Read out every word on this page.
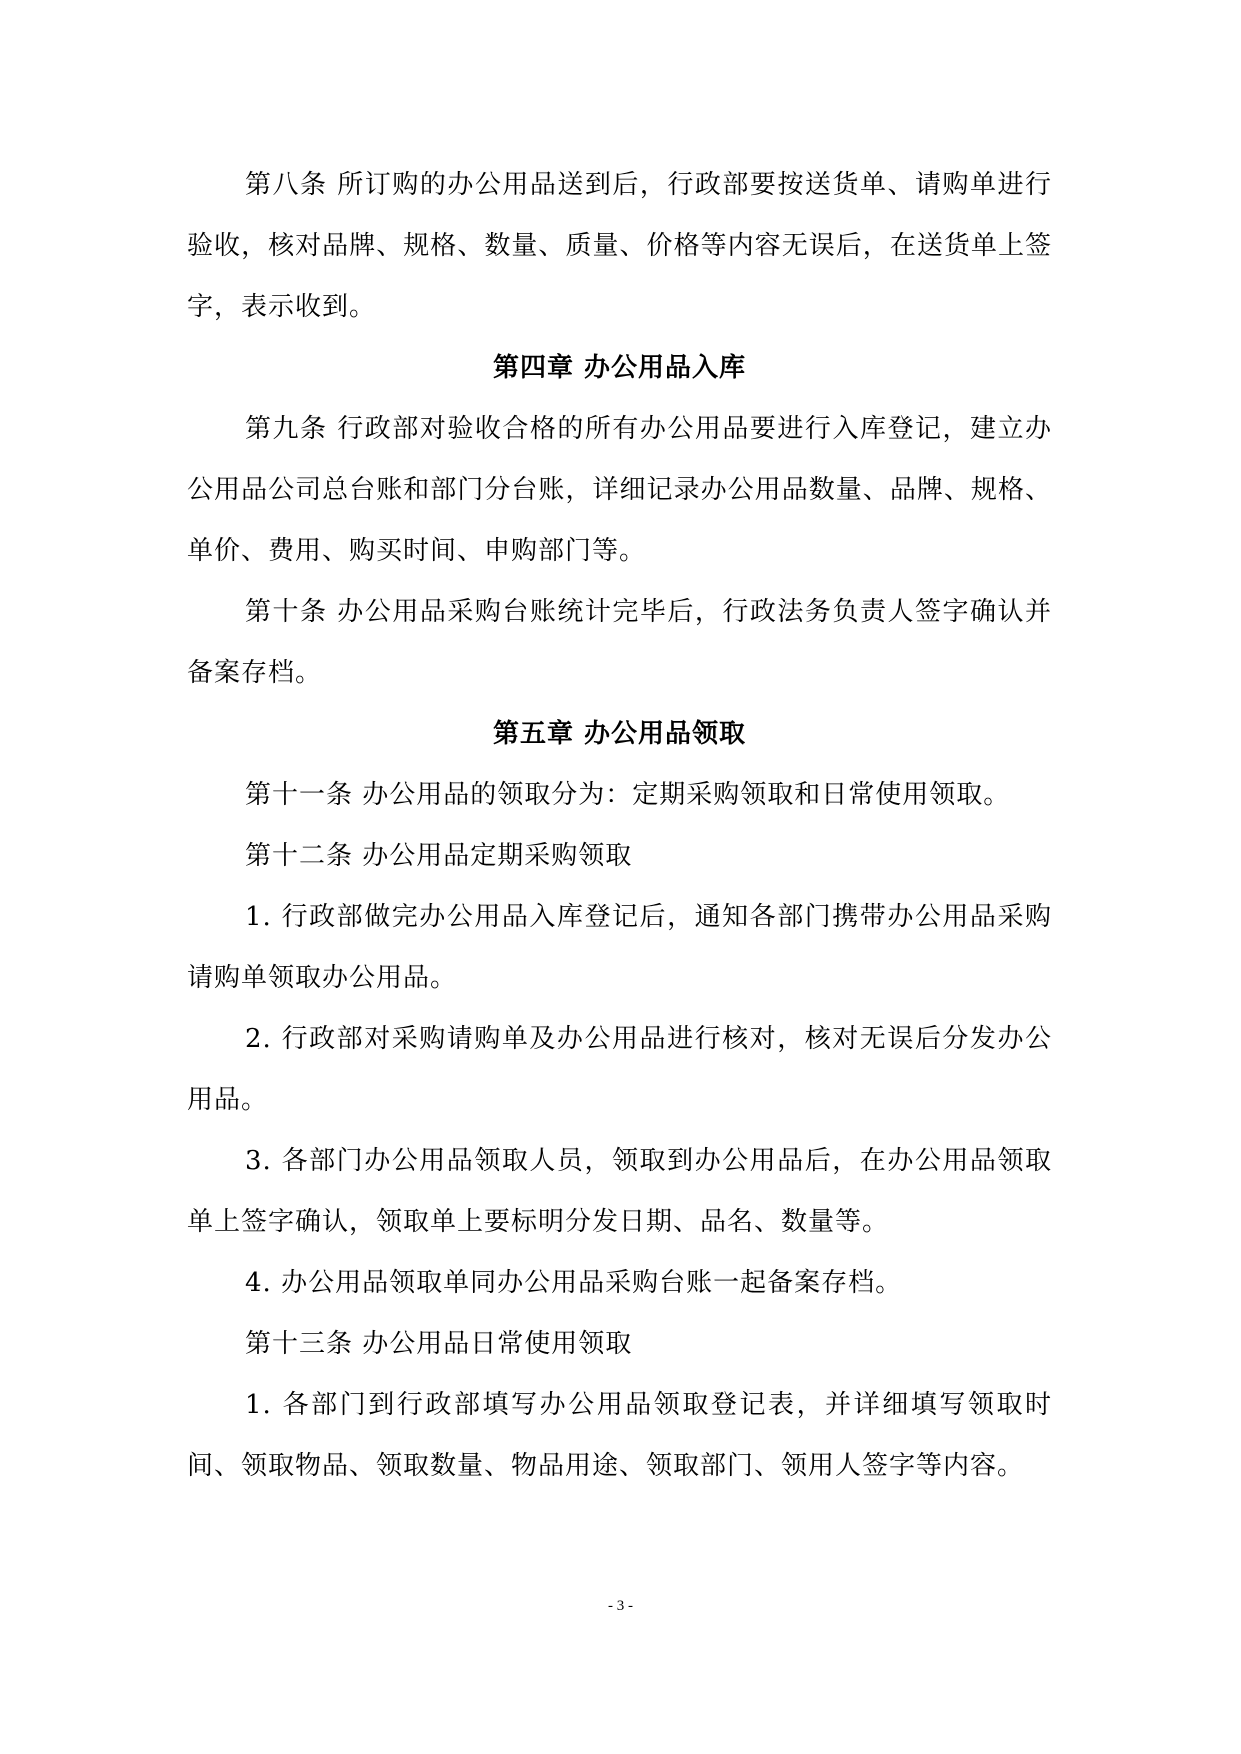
第八条 所订购的办公用品送到后，行政部要按送货单、请购单进行验收，核对品牌、规格、数量、质量、价格等内容无误后，在送货单上签字，表示收到。

第四章 办公用品入库

第九条 行政部对验收合格的所有办公用品要进行入库登记，建立办公用品公司总台账和部门分台账，详细记录办公用品数量、品牌、规格、单价、费用、购买时间、申购部门等。

第十条 办公用品采购台账统计完毕后，行政法务负责人签字确认并备案存档。

第五章 办公用品领取

第十一条 办公用品的领取分为：定期采购领取和日常使用领取。

第十二条 办公用品定期采购领取

1. 行政部做完办公用品入库登记后，通知各部门携带办公用品采购请购单领取办公用品。

2. 行政部对采购请购单及办公用品进行核对，核对无误后分发办公用品。

3. 各部门办公用品领取人员，领取到办公用品后，在办公用品领取单上签字确认，领取单上要标明分发日期、品名、数量等。

4. 办公用品领取单同办公用品采购台账一起备案存档。

第十三条 办公用品日常使用领取

1. 各部门到行政部填写办公用品领取登记表，并详细填写领取时间、领取物品、领取数量、物品用途、领取部门、领用人签字等内容。

- 3 -
